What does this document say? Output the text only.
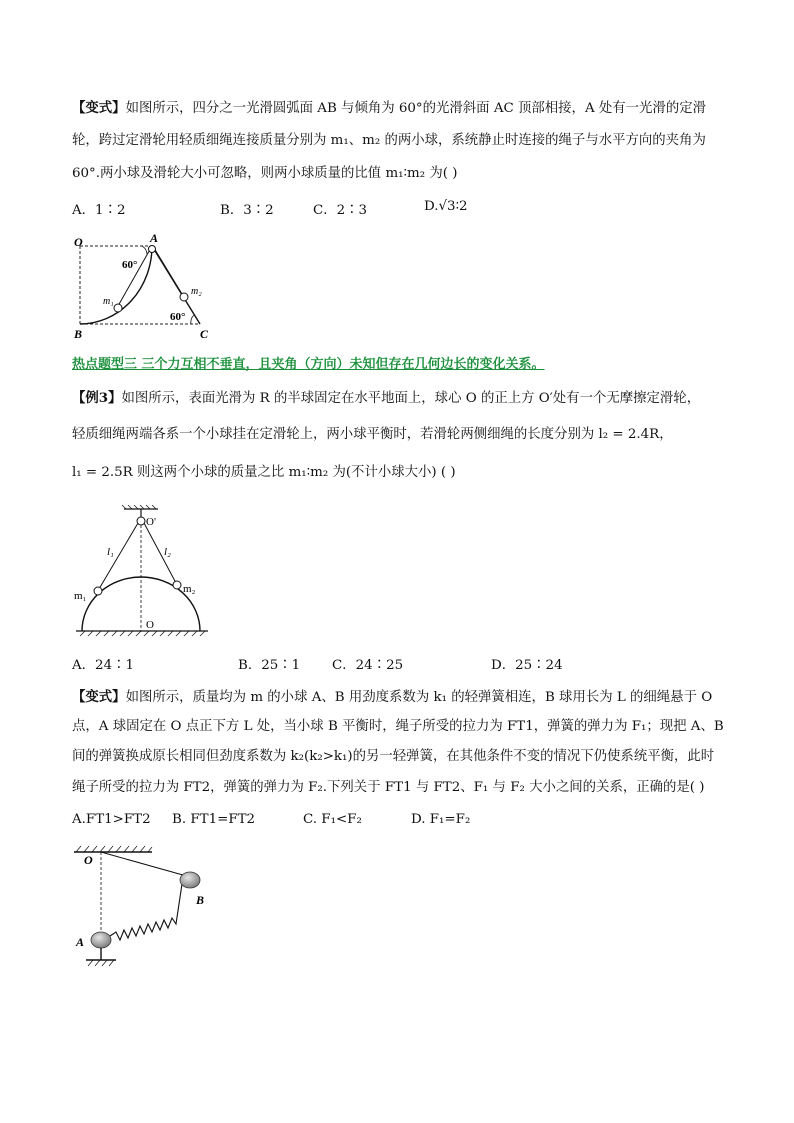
【变式】如图所示，四分之一光滑圆弧面 AB 与倾角为 60°的光滑斜面 AC 顶部相接，A 处有一光滑的定滑
轮，跨过定滑轮用轻质细绳连接质量分别为 m₁、m₂ 的两小球，系统静止时连接的绳子与水平方向的夹角为
60°.两小球及滑轮大小可忽略，则两小球质量的比值 m₁∶m₂ 为( )
A．1∶2	B．3∶2	C．2∶3	D.√3∶2
O	A
B	C
60°
60°
m₁
m₂
热点题型三 三个力互相不垂直，且夹角（方向）未知但存在几何边长的变化关系。
【例3】如图所示，表面光滑为 R 的半球固定在水平地面上，球心 O 的正上方 O′处有一个无摩擦定滑轮，
轻质细绳两端各系一个小球挂在定滑轮上，两小球平衡时，若滑轮两侧细绳的长度分别为 l₂ = 2.4R，
l₁ = 2.5R 则这两个小球的质量之比 m₁∶m₂ 为(不计小球大小) ( )
O'
O
l₁	l₂
m₁
m₂
A．24∶1	B．25∶1 C．24∶25	D．25∶24
【变式】如图所示，质量均为 m 的小球 A、B 用劲度系数为 k₁ 的轻弹簧相连，B 球用长为 L 的细绳悬于 O
点，A 球固定在 O 点正下方 L 处，当小球 B 平衡时，绳子所受的拉力为 FT1，弹簧的弹力为 F₁；现把 A、B
间的弹簧换成原长相同但劲度系数为 k₂(k₂>k₁)的另一轻弹簧，在其他条件不变的情况下仍使系统平衡，此时
绳子所受的拉力为 FT2，弹簧的弹力为 F₂.下列关于 FT1 与 FT2、F₁ 与 F₂ 大小之间的关系，正确的是( )
A.FT1>FT2 B. FT1=FT2	C. F₁<F₂	D. F₁=F₂
O
A
B
